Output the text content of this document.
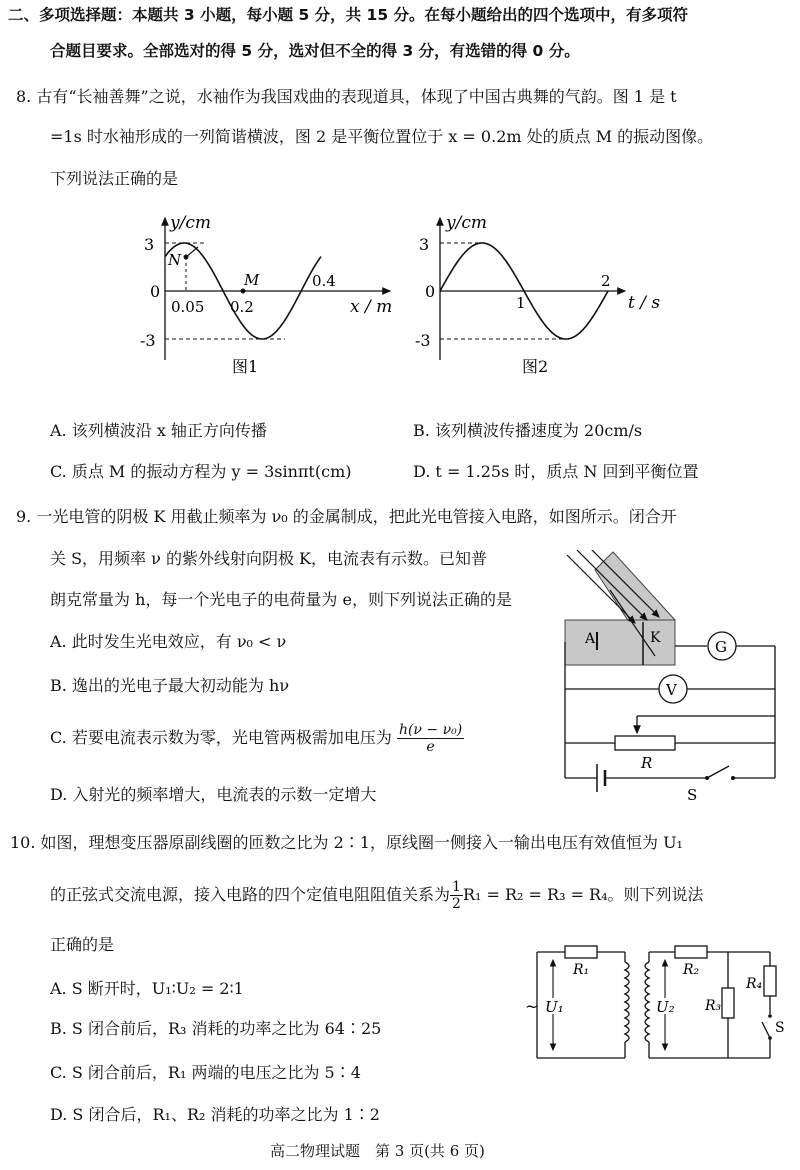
二、多项选择题：本题共 3 小题，每小题 5 分，共 15 分。在每小题给出的四个选项中，有多项符
合题目要求。全部选对的得 5 分，选对但不全的得 3 分，有选错的得 0 分。
8. 古有“长袖善舞”之说，水袖作为我国戏曲的表现道具，体现了中国古典舞的气韵。图 1 是 t
=1s 时水袖形成的一列简谐横波，图 2 是平衡位置位于 x = 0.2m 处的质点 M 的振动图像。
下列说法正确的是
y/cm
3
0
-3
N
M
0.05 0.2
0.4
x / m
图1
y/cm
3
0
-3
1
2
t / s
图2
A. 该列横波沿 x 轴正方向传播	B. 该列横波传播速度为 20cm/s
C. 质点 M 的振动方程为 y = 3sinπt(cm)	D. t = 1.25s 时，质点 N 回到平衡位置
9. 一光电管的阴极 K 用截止频率为 ν₀ 的金属制成，把此光电管接入电路，如图所示。闭合开
关 S，用频率 ν 的紫外线射向阴极 K，电流表有示数。已知普
朗克常量为 h，每一个光电子的电荷量为 e，则下列说法正确的是
A. 此时发生光电效应，有 ν₀ < ν
B. 逸出的光电子最大初动能为 hν
C. 若要电流表示数为零，光电管两极需加电压为 $\frac{\text{h(ν − ν₀)}}{e}$
D. 入射光的频率增大，电流表的示数一定增大
A	K	G
V
R
S
10. 如图，理想变压器原副线圈的匝数之比为 2∶1，原线圈一侧接入一输出电压有效值恒为 U₁
的正弦式交流电源，接入电路的四个定值电阻阻值关系为 $\frac{1}{2} R_1 = R_2 = R_3 = R_4$。则下列说法
正确的是
A. S 断开时，U₁∶U₂ = 2∶1
B. S 闭合前后，R₃ 消耗的功率之比为 64∶25
C. S 闭合前后，R₁ 两端的电压之比为 5∶4
D. S 闭合后，R₁、R₂ 消耗的功率之比为 1∶2
R₁
~ U₁
R₂
U₂ R₃
R₄
S
高二物理试题　第 3 页(共 6 页)
